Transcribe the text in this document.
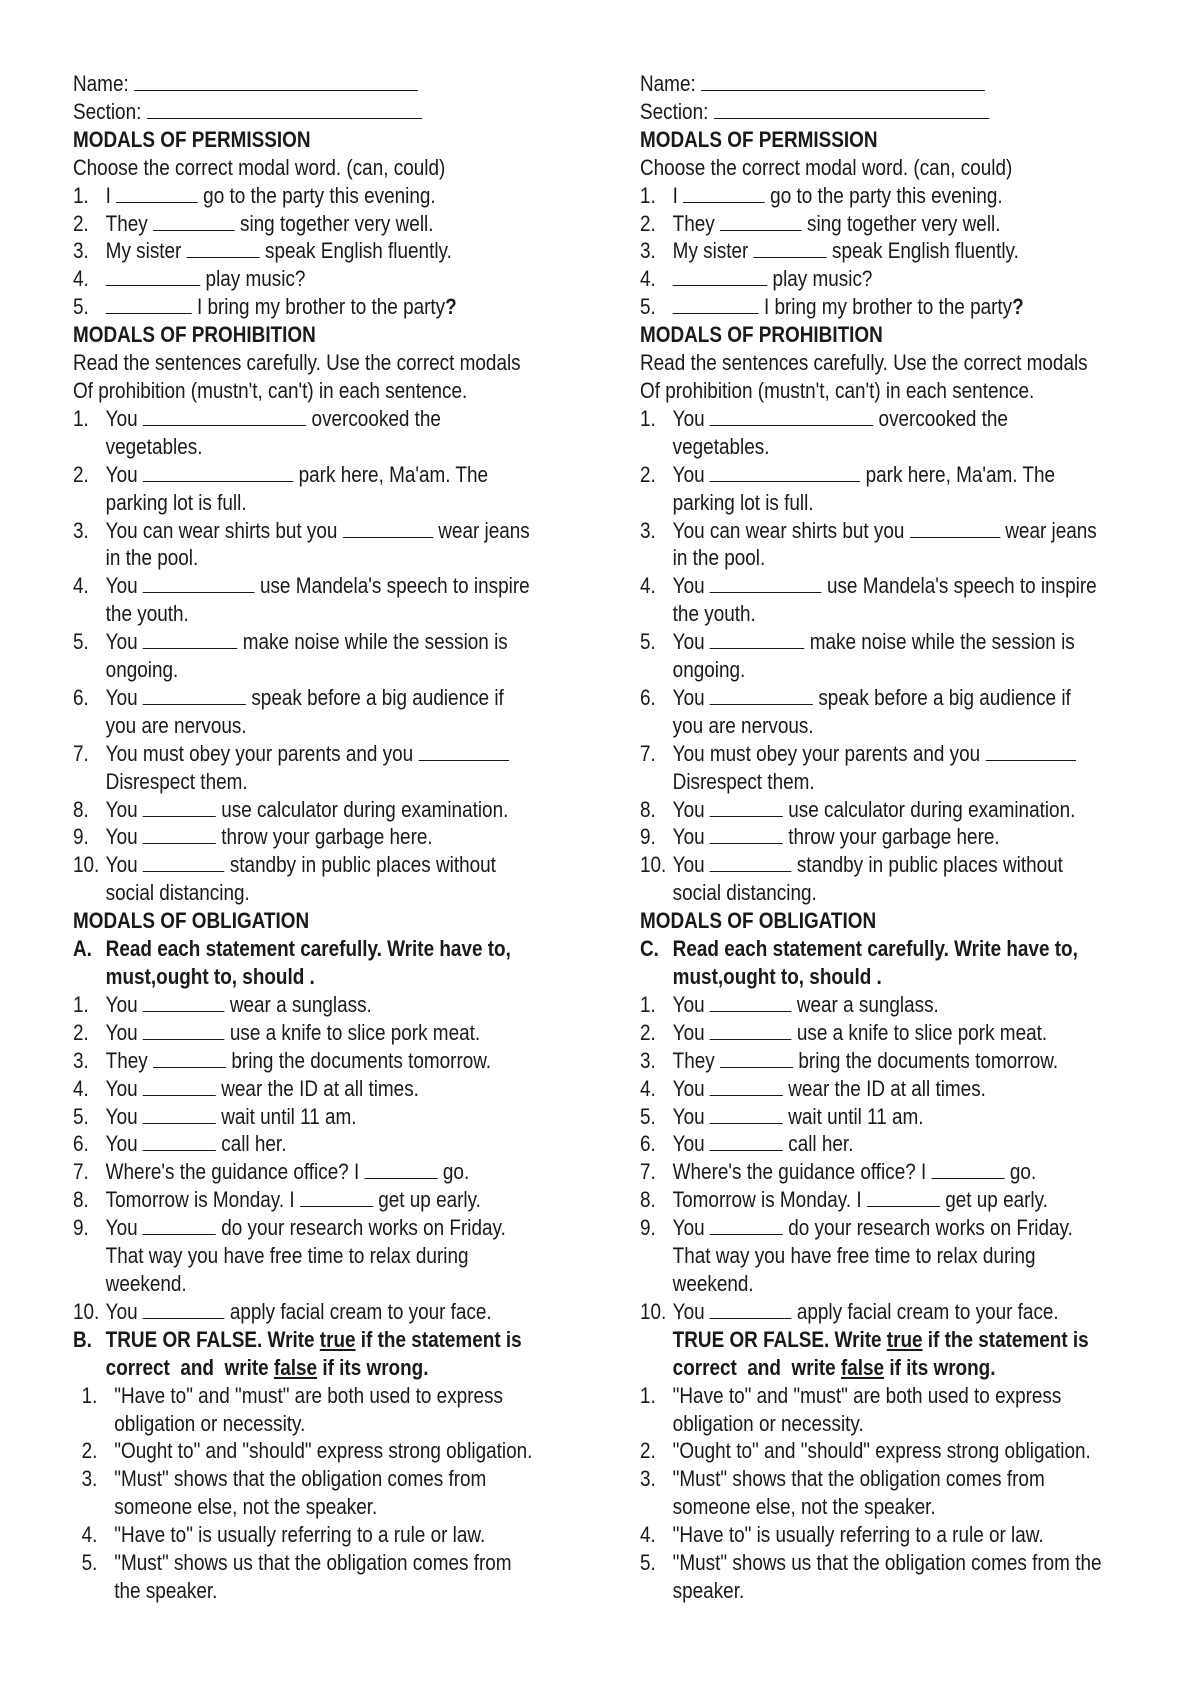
Name:
Section:
MODALS OF PERMISSION
Choose the correct modal word. (can, could)
1. I	go to the party this evening.
2. They	sing together very well.
3. My sister	speak English fluently.
4.	play music?
5.	I bring my brother to the party?
MODALS OF PROHIBITION
Read the sentences carefully. Use the correct modals
Of prohibition (mustn't, can't) in each sentence.
1. You	overcooked the
vegetables.
2. You	park here, Ma'am. The
parking lot is full.
3. You can wear shirts but you	wear jeans
in the pool.
4. You	use Mandela's speech to inspire
the youth.
5. You	make noise while the session is
ongoing.
6. You	speak before a big audience if
you are nervous.
7. You must obey your parents and you
Disrespect them.
8. You	use calculator during examination.
9. You	throw your garbage here.
10. You	standby in public places without
social distancing.
MODALS OF OBLIGATION
A. Read each statement carefully. Write have to,
must,ought to, should .
1. You	wear a sunglass.
2. You	use a knife to slice pork meat.
3. They	bring the documents tomorrow.
4. You	wear the ID at all times.
5. You	wait until 11 am.
6. You	call her.
7. Where's the guidance office? I	go.
8. Tomorrow is Monday. I	get up early.
9. You	do your research works on Friday.
That way you have free time to relax during
weekend.
10. You	apply facial cream to your face.
B. TRUE OR FALSE. Write true if the statement is
correct  and  write false if its wrong.
1. "Have to" and "must" are both used to express
obligation or necessity.
2. "Ought to" and "should" express strong obligation.
3. "Must" shows that the obligation comes from
someone else, not the speaker.
4. "Have to" is usually referring to a rule or law.
5. "Must" shows us that the obligation comes from
the speaker.
Name:
Section:
MODALS OF PERMISSION
Choose the correct modal word. (can, could)
1. I	go to the party this evening.
2. They	sing together very well.
3. My sister	speak English fluently.
4.	play music?
5.	I bring my brother to the party?
MODALS OF PROHIBITION
Read the sentences carefully. Use the correct modals
Of prohibition (mustn't, can't) in each sentence.
1. You	overcooked the
vegetables.
2. You	park here, Ma'am. The
parking lot is full.
3. You can wear shirts but you	wear jeans
in the pool.
4. You	use Mandela's speech to inspire
the youth.
5. You	make noise while the session is
ongoing.
6. You	speak before a big audience if
you are nervous.
7. You must obey your parents and you
Disrespect them.
8. You	use calculator during examination.
9. You	throw your garbage here.
10. You	standby in public places without
social distancing.
MODALS OF OBLIGATION
C. Read each statement carefully. Write have to,
must,ought to, should .
1. You	wear a sunglass.
2. You	use a knife to slice pork meat.
3. They	bring the documents tomorrow.
4. You	wear the ID at all times.
5. You	wait until 11 am.
6. You	call her.
7. Where's the guidance office? I	go.
8. Tomorrow is Monday. I	get up early.
9. You	do your research works on Friday.
That way you have free time to relax during
weekend.
10. You	apply facial cream to your face.
TRUE OR FALSE. Write true if the statement is
correct  and  write false if its wrong.
1. "Have to" and "must" are both used to express
obligation or necessity.
2. "Ought to" and "should" express strong obligation.
3. "Must" shows that the obligation comes from
someone else, not the speaker.
4. "Have to" is usually referring to a rule or law.
5. "Must" shows us that the obligation comes from the
speaker.
